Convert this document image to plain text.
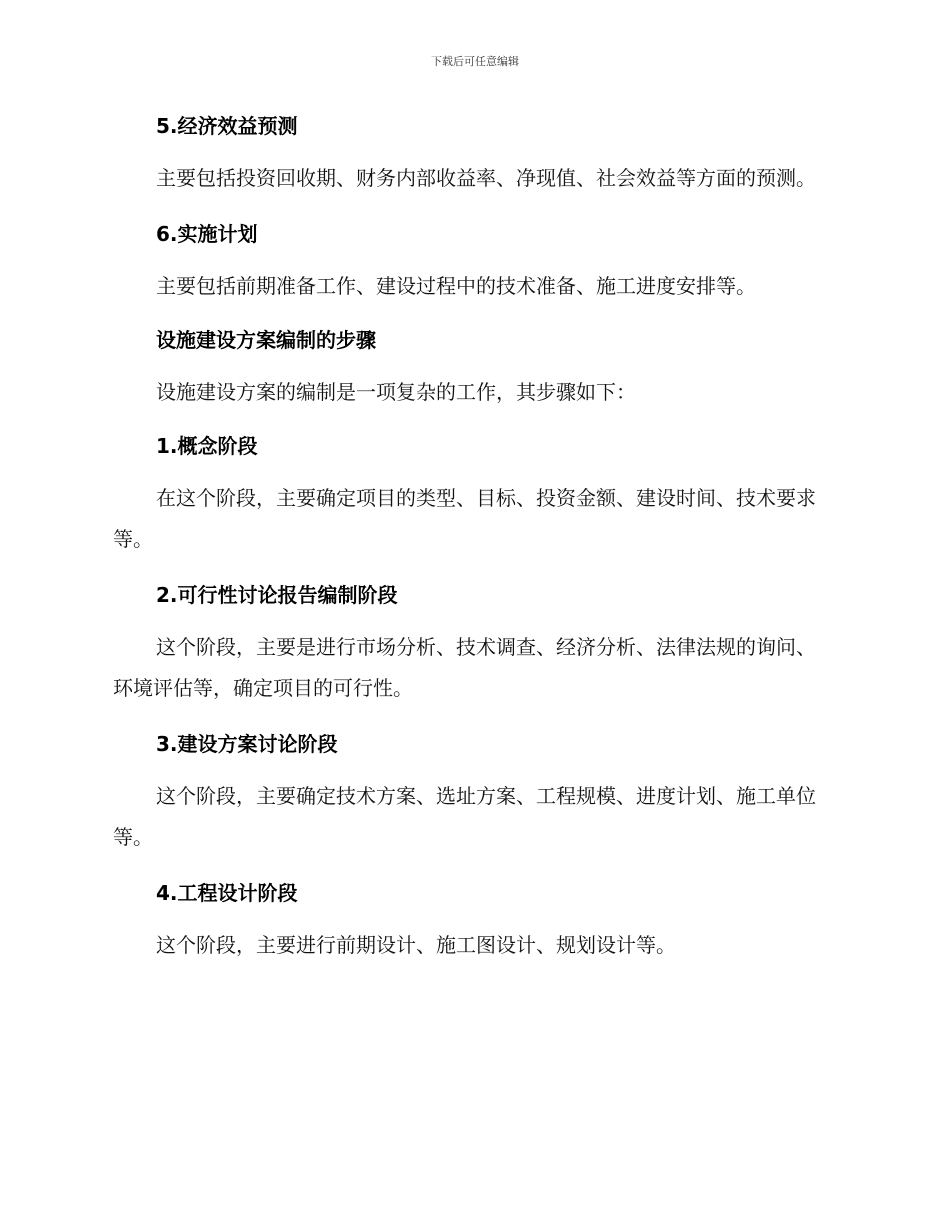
下载后可任意编辑
5.经济效益预测

主要包括投资回收期、财务内部收益率、净现值、社会效益等方面的预测。

6.实施计划

主要包括前期准备工作、建设过程中的技术准备、施工进度安排等。

设施建设方案编制的步骤

设施建设方案的编制是一项复杂的工作，其步骤如下：

1.概念阶段

在这个阶段，主要确定项目的类型、目标、投资金额、建设时间、技术要求等。

2.可行性讨论报告编制阶段

这个阶段，主要是进行市场分析、技术调查、经济分析、法律法规的询问、环境评估等，确定项目的可行性。

3.建设方案讨论阶段

这个阶段，主要确定技术方案、选址方案、工程规模、进度计划、施工单位等。

4.工程设计阶段

这个阶段，主要进行前期设计、施工图设计、规划设计等。
